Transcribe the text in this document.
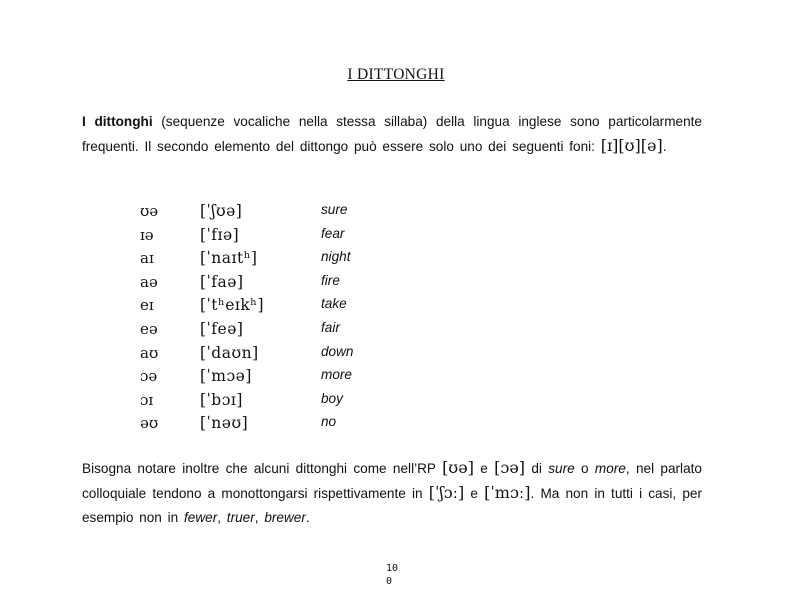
I DITTONGHI
I dittonghi (sequenze vocaliche nella stessa sillaba) della lingua inglese sono particolarmente frequenti. Il secondo elemento del dittongo può essere solo uno dei seguenti foni: [ɪ][ʊ][ə].
ʊə	[ˈʃʊə]	sure
ɪə	[ˈfɪə]	fear
aɪ	[ˈnaɪtʰ]	night
aə	[ˈfaə]	fire
eɪ	[ˈtʰeɪkʰ]	take
eə	[ˈfeə]	fair
aʊ	[ˈdaʊn]	down
ɔə	[ˈmɔə]	more
ɔɪ	[ˈbɔɪ]	boy
əʊ	[ˈnəʊ]	no
Bisogna notare inoltre che alcuni dittonghi come nell’RP [ʊə] e [ɔə] di sure o more, nel parlato colloquiale tendono a monottongarsi rispettivamente in [ˈʃɔː] e [ˈmɔː]. Ma non in tutti i casi, per esempio non in fewer, truer, brewer.
10
0
